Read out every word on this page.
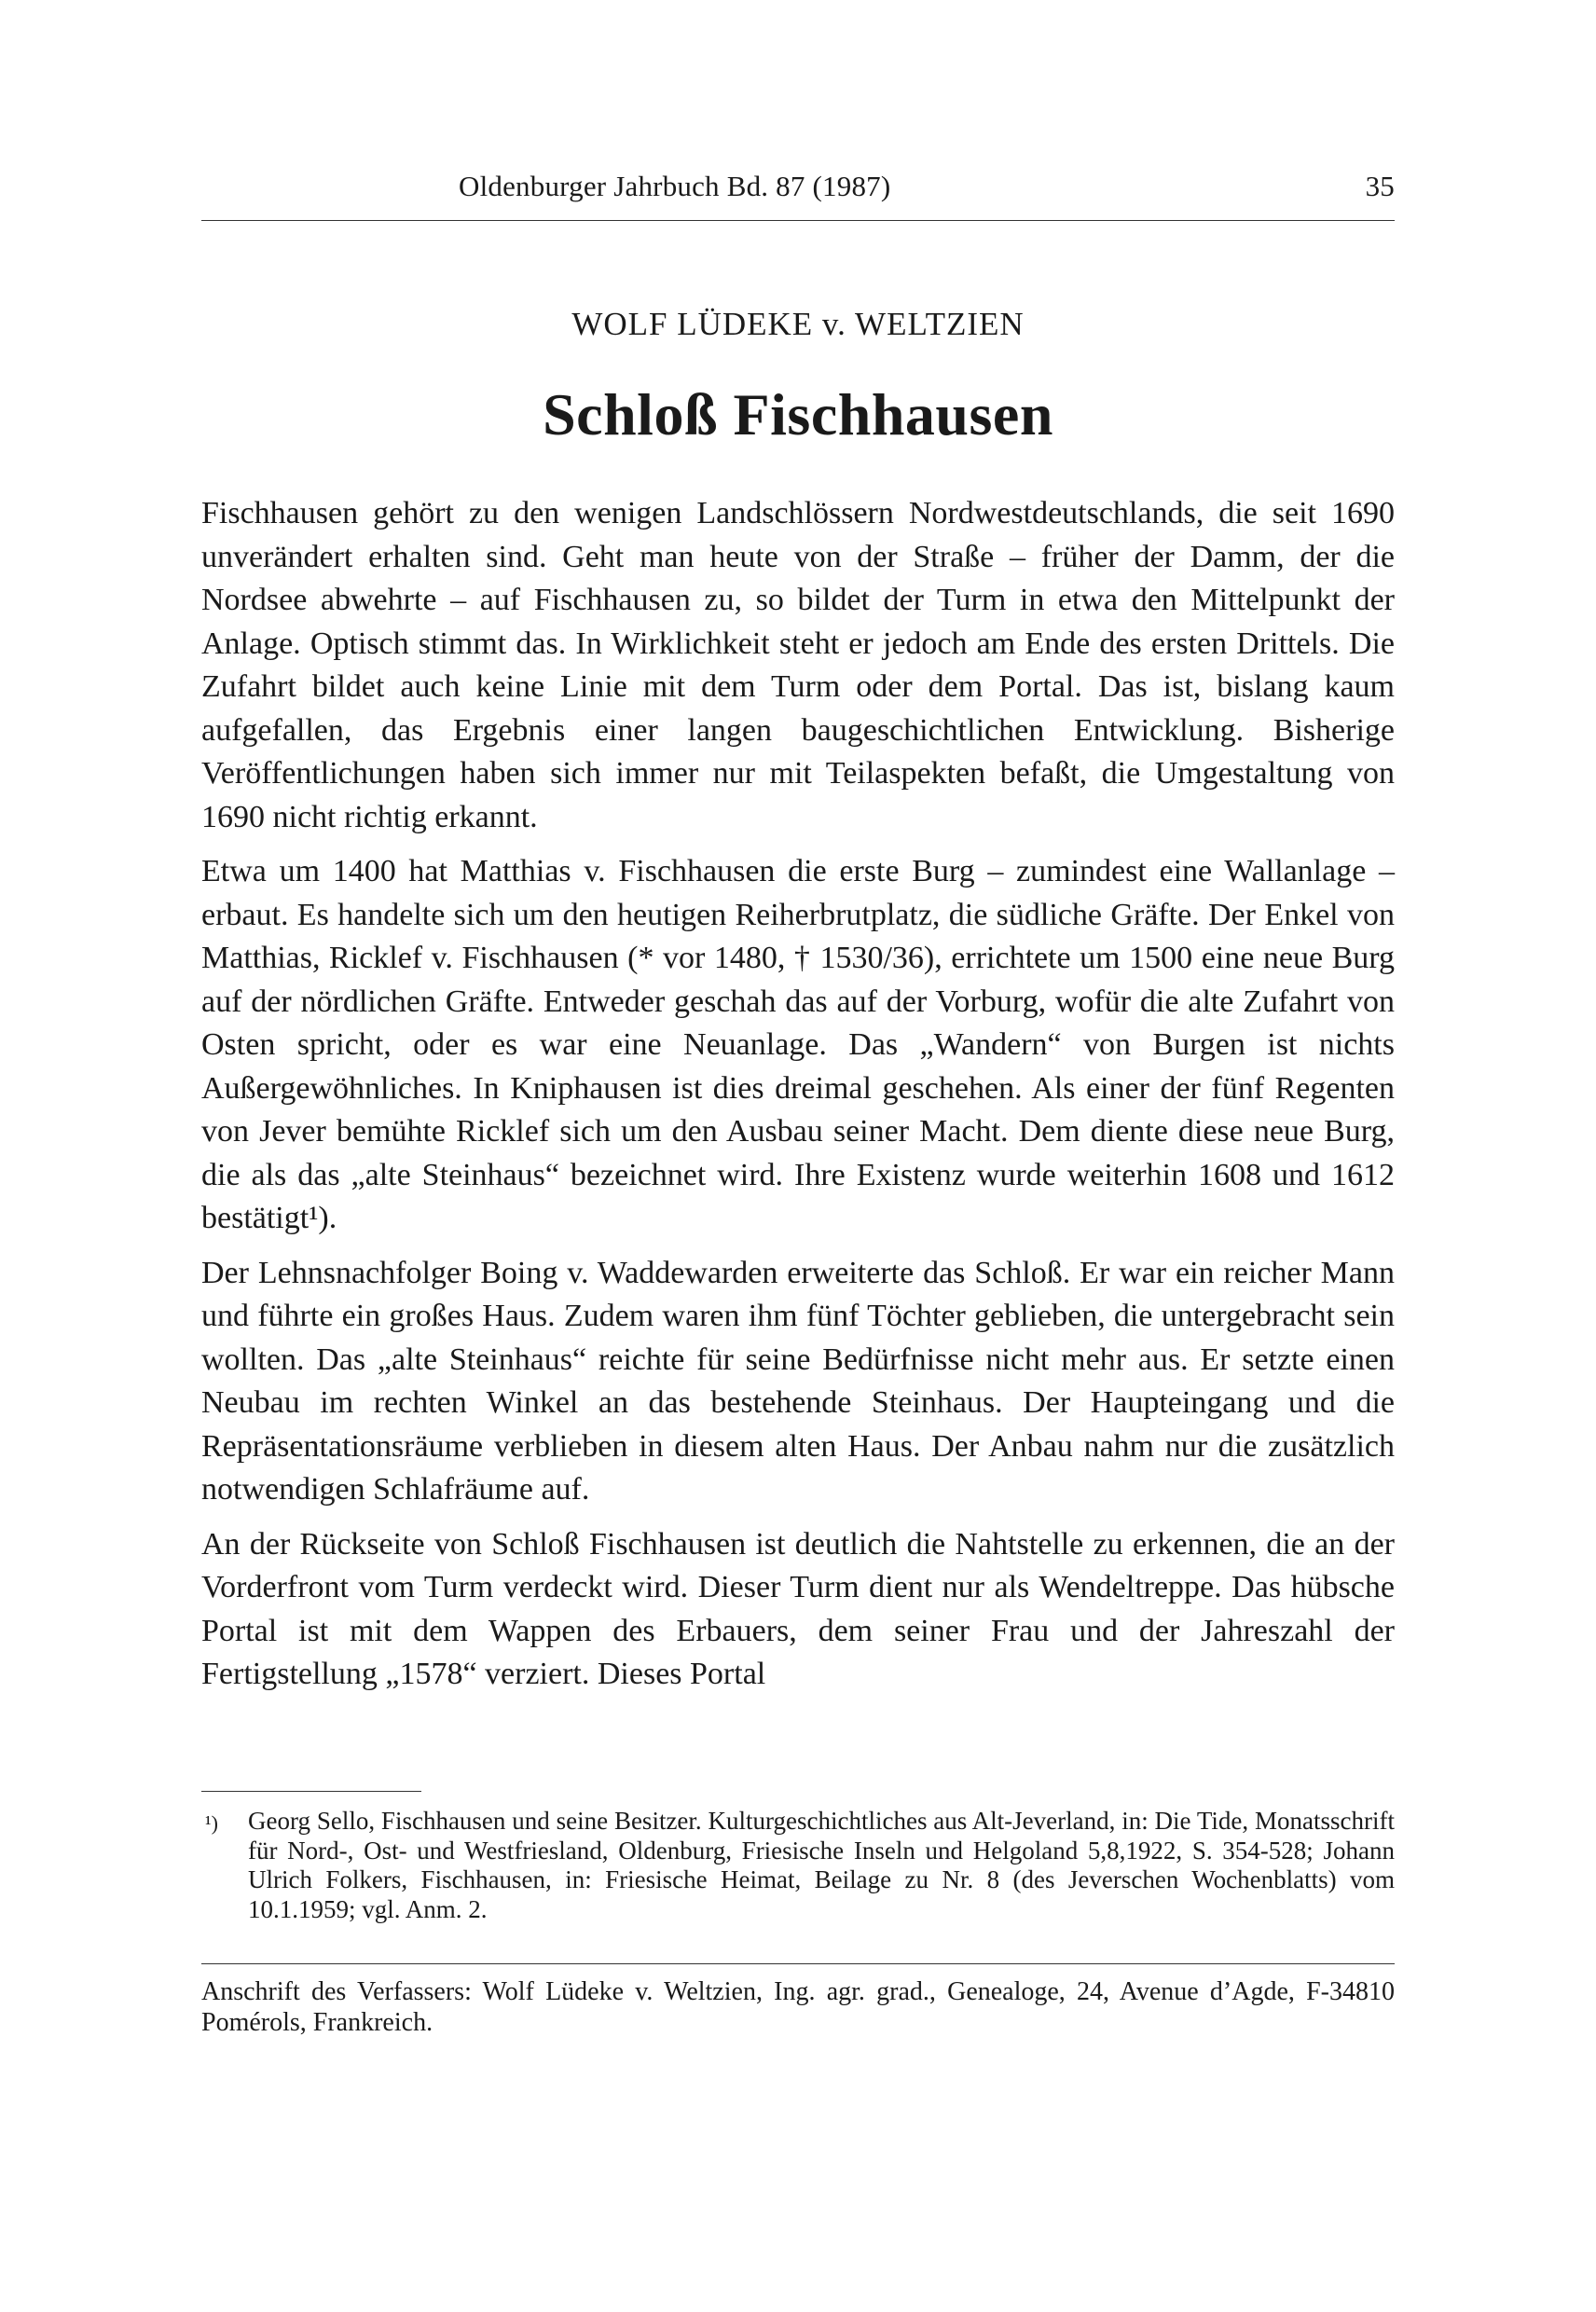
Oldenburger Jahrbuch Bd. 87 (1987)	35
WOLF LÜDEKE v. WELTZIEN
Schloß Fischhausen

Fischhausen gehört zu den wenigen Landschlössern Nordwestdeutschlands, die seit 1690 unverändert erhalten sind. Geht man heute von der Straße – früher der Damm, der die Nordsee abwehrte – auf Fischhausen zu, so bildet der Turm in etwa den Mittelpunkt der Anlage. Optisch stimmt das. In Wirklichkeit steht er jedoch am Ende des ersten Drittels. Die Zufahrt bildet auch keine Linie mit dem Turm oder dem Portal. Das ist, bislang kaum aufgefallen, das Ergebnis einer langen baugeschichtlichen Entwicklung. Bisherige Veröffentlichungen haben sich immer nur mit Teilaspekten befaßt, die Umgestaltung von 1690 nicht richtig erkannt.

Etwa um 1400 hat Matthias v. Fischhausen die erste Burg – zumindest eine Wallanlage – erbaut. Es handelte sich um den heutigen Reiherbrutplatz, die südliche Gräfte. Der Enkel von Matthias, Ricklef v. Fischhausen (* vor 1480, † 1530/36), errichtete um 1500 eine neue Burg auf der nördlichen Gräfte. Entweder geschah das auf der Vorburg, wofür die alte Zufahrt von Osten spricht, oder es war eine Neuanlage. Das „Wandern“ von Burgen ist nichts Außergewöhnliches. In Kniphausen ist dies dreimal geschehen. Als einer der fünf Regenten von Jever bemühte Ricklef sich um den Ausbau seiner Macht. Dem diente diese neue Burg, die als das „alte Steinhaus“ bezeichnet wird. Ihre Existenz wurde weiterhin 1608 und 1612 bestätigt¹).

Der Lehnsnachfolger Boing v. Waddewarden erweiterte das Schloß. Er war ein reicher Mann und führte ein großes Haus. Zudem waren ihm fünf Töchter geblieben, die untergebracht sein wollten. Das „alte Steinhaus“ reichte für seine Bedürfnisse nicht mehr aus. Er setzte einen Neubau im rechten Winkel an das bestehende Steinhaus. Der Haupteingang und die Repräsentationsräume verblieben in diesem alten Haus. Der Anbau nahm nur die zusätzlich notwendigen Schlafräume auf.

An der Rückseite von Schloß Fischhausen ist deutlich die Nahtstelle zu erkennen, die an der Vorderfront vom Turm verdeckt wird. Dieser Turm dient nur als Wendeltreppe. Das hübsche Portal ist mit dem Wappen des Erbauers, dem seiner Frau und der Jahreszahl der Fertigstellung „1578“ verziert. Dieses Portal

¹)	Georg Sello, Fischhausen und seine Besitzer. Kulturgeschichtliches aus Alt-Jeverland, in: Die Tide, Monatsschrift für Nord-, Ost- und Westfriesland, Oldenburg, Friesische Inseln und Helgoland 5,8,1922, S. 354-528; Johann Ulrich Folkers, Fischhausen, in: Friesische Heimat, Beilage zu Nr. 8 (des Jeverschen Wochenblatts) vom 10.1.1959; vgl. Anm. 2.
Anschrift des Verfassers: Wolf Lüdeke v. Weltzien, Ing. agr. grad., Genealoge, 24, Avenue d’Agde, F-34810 Pomérols, Frankreich.
